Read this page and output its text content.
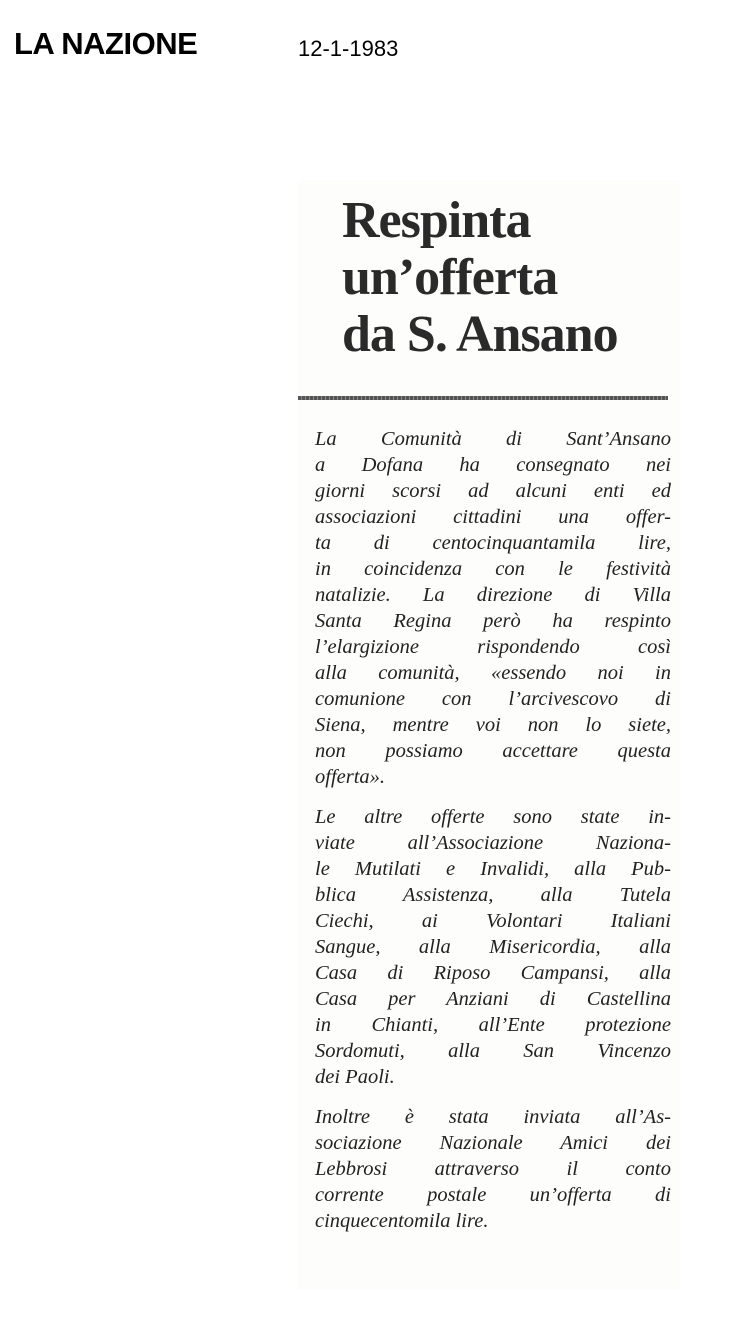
LA NAZIONE	12-1-1983
Respinta
un’offerta
da S. Ansano
La Comunità di Sant’Ansano
a Dofana ha consegnato nei
giorni scorsi ad alcuni enti ed
associazioni cittadini una offer-
ta di centocinquantamila lire,
in coincidenza con le festività
natalizie. La direzione di Villa
Santa Regina però ha respinto
l’elargizione rispondendo così
alla comunità, «essendo noi in
comunione con l’arcivescovo di
Siena, mentre voi non lo siete,
non possiamo accettare questa
offerta».
Le altre offerte sono state in-
viate all’Associazione Naziona-
le Mutilati e Invalidi, alla Pub-
blica Assistenza, alla Tutela
Ciechi, ai Volontari Italiani
Sangue, alla Misericordia, alla
Casa di Riposo Campansi, alla
Casa per Anziani di Castellina
in Chianti, all’Ente protezione
Sordomuti, alla San Vincenzo
dei Paoli.
Inoltre è stata inviata all’As-
sociazione Nazionale Amici dei
Lebbrosi attraverso il conto
corrente postale un’offerta di
cinquecentomila lire.
